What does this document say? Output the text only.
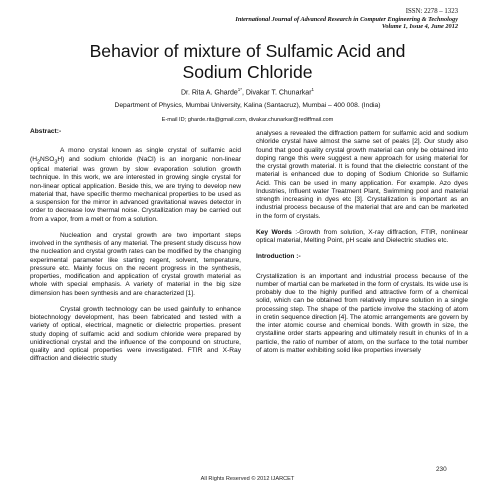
ISSN: 2278 – 1323
International Journal of Advanced Research in Computer Engineering & Technology
Volume 1, Issue 4, June 2012
Behavior of mixture of Sulfamic Acid and
Sodium Chloride
Dr. Rita A. Gharde$^{1*}$, Divakar T. Chunarkar$^1$
Department of Physics, Mumbai University, Kalina (Santacruz), Mumbai – 400 008. (India)
E-mail ID; gharde.rita@gmail.com, divakar.chunarkar@rediffmail.com
Abstract:-

A mono crystal known as single crystal of sulfamic acid $(H_2NSO_3H)$ and sodium chloride (NaCl) is an inorganic non-linear optical material was grown by slow evaporation solution growth technique. In this work, we are interested in growing single crystal for non-linear optical application. Beside this, we are trying to develop new material that, have specific thermo mechanical properties to be used as a suspension for the mirror in advanced gravitational waves detector in order to decrease low thermal noise. Crystallization may be carried out from a vapor, from a melt or from a solution.

Nucleation and crystal growth are two important steps involved in the synthesis of any material. The present study discuss how the nucleation and crystal growth rates can be modified by the changing experimental parameter like starting regent, solvent, temperature, pressure etc. Mainly focus on the recent progress in the synthesis, properties, modification and application of crystal growth material as whole with special emphasis. A variety of material in the big size dimension has been synthesis and are characterized [1].

Crystal growth technology can be used gainfully to enhance biotechnology development, has been fabricated and tested with a variety of optical, electrical, magnetic or dielectric properties. present study doping of sulfamic acid and sodium chloride were prepared by unidirectional crystal and the influence of the compound on structure, quality and optical properties were investigated. FTIR and X-Ray diffraction and dielectric study

analyses a revealed the diffraction pattern for sulfamic acid and sodium chloride crystal have almost the same set of peaks [2]. Our study also found that good quality crystal growth material can only be obtained into doping range this were suggest a new approach for using material for the crystal growth material. It is found that the dielectric constant of the material is enhanced due to doping of Sodium Chloride so Sulfamic Acid. This can be used in many application. For example. Azo dyes Industries, Influent water Treatment Plant, Swimming pool and material strength increasing in dyes etc [3]. Crystallization is important as an industrial process because of the material that are and can be marketed in the form of crystals.

Key Words :-Growth from solution, X-ray diffraction, FTIR, nonlinear optical material, Melting Point, pH scale and Dielectric studies etc.

Introduction :-

Crystallization is an important and industrial process because of the number of martial can be marketed in the form of crystals. Its wide use is probably due to the highly purified and attractive form of a chemical solid, which can be obtained from relatively impure solution in a single processing step. The shape of the particle involve the stacking of atom in cretin sequence direction [4]. The atomic arrangements are govern by the inter atomic course and chemical bonds. With growth in size, the crystalline order starts appearing and ultimately result in chunks of In a particle, the ratio of number of atom, on the surface to the total number of atom is matter exhibiting solid like properties inversely

230
All Rights Reserved © 2012 IJARCET
